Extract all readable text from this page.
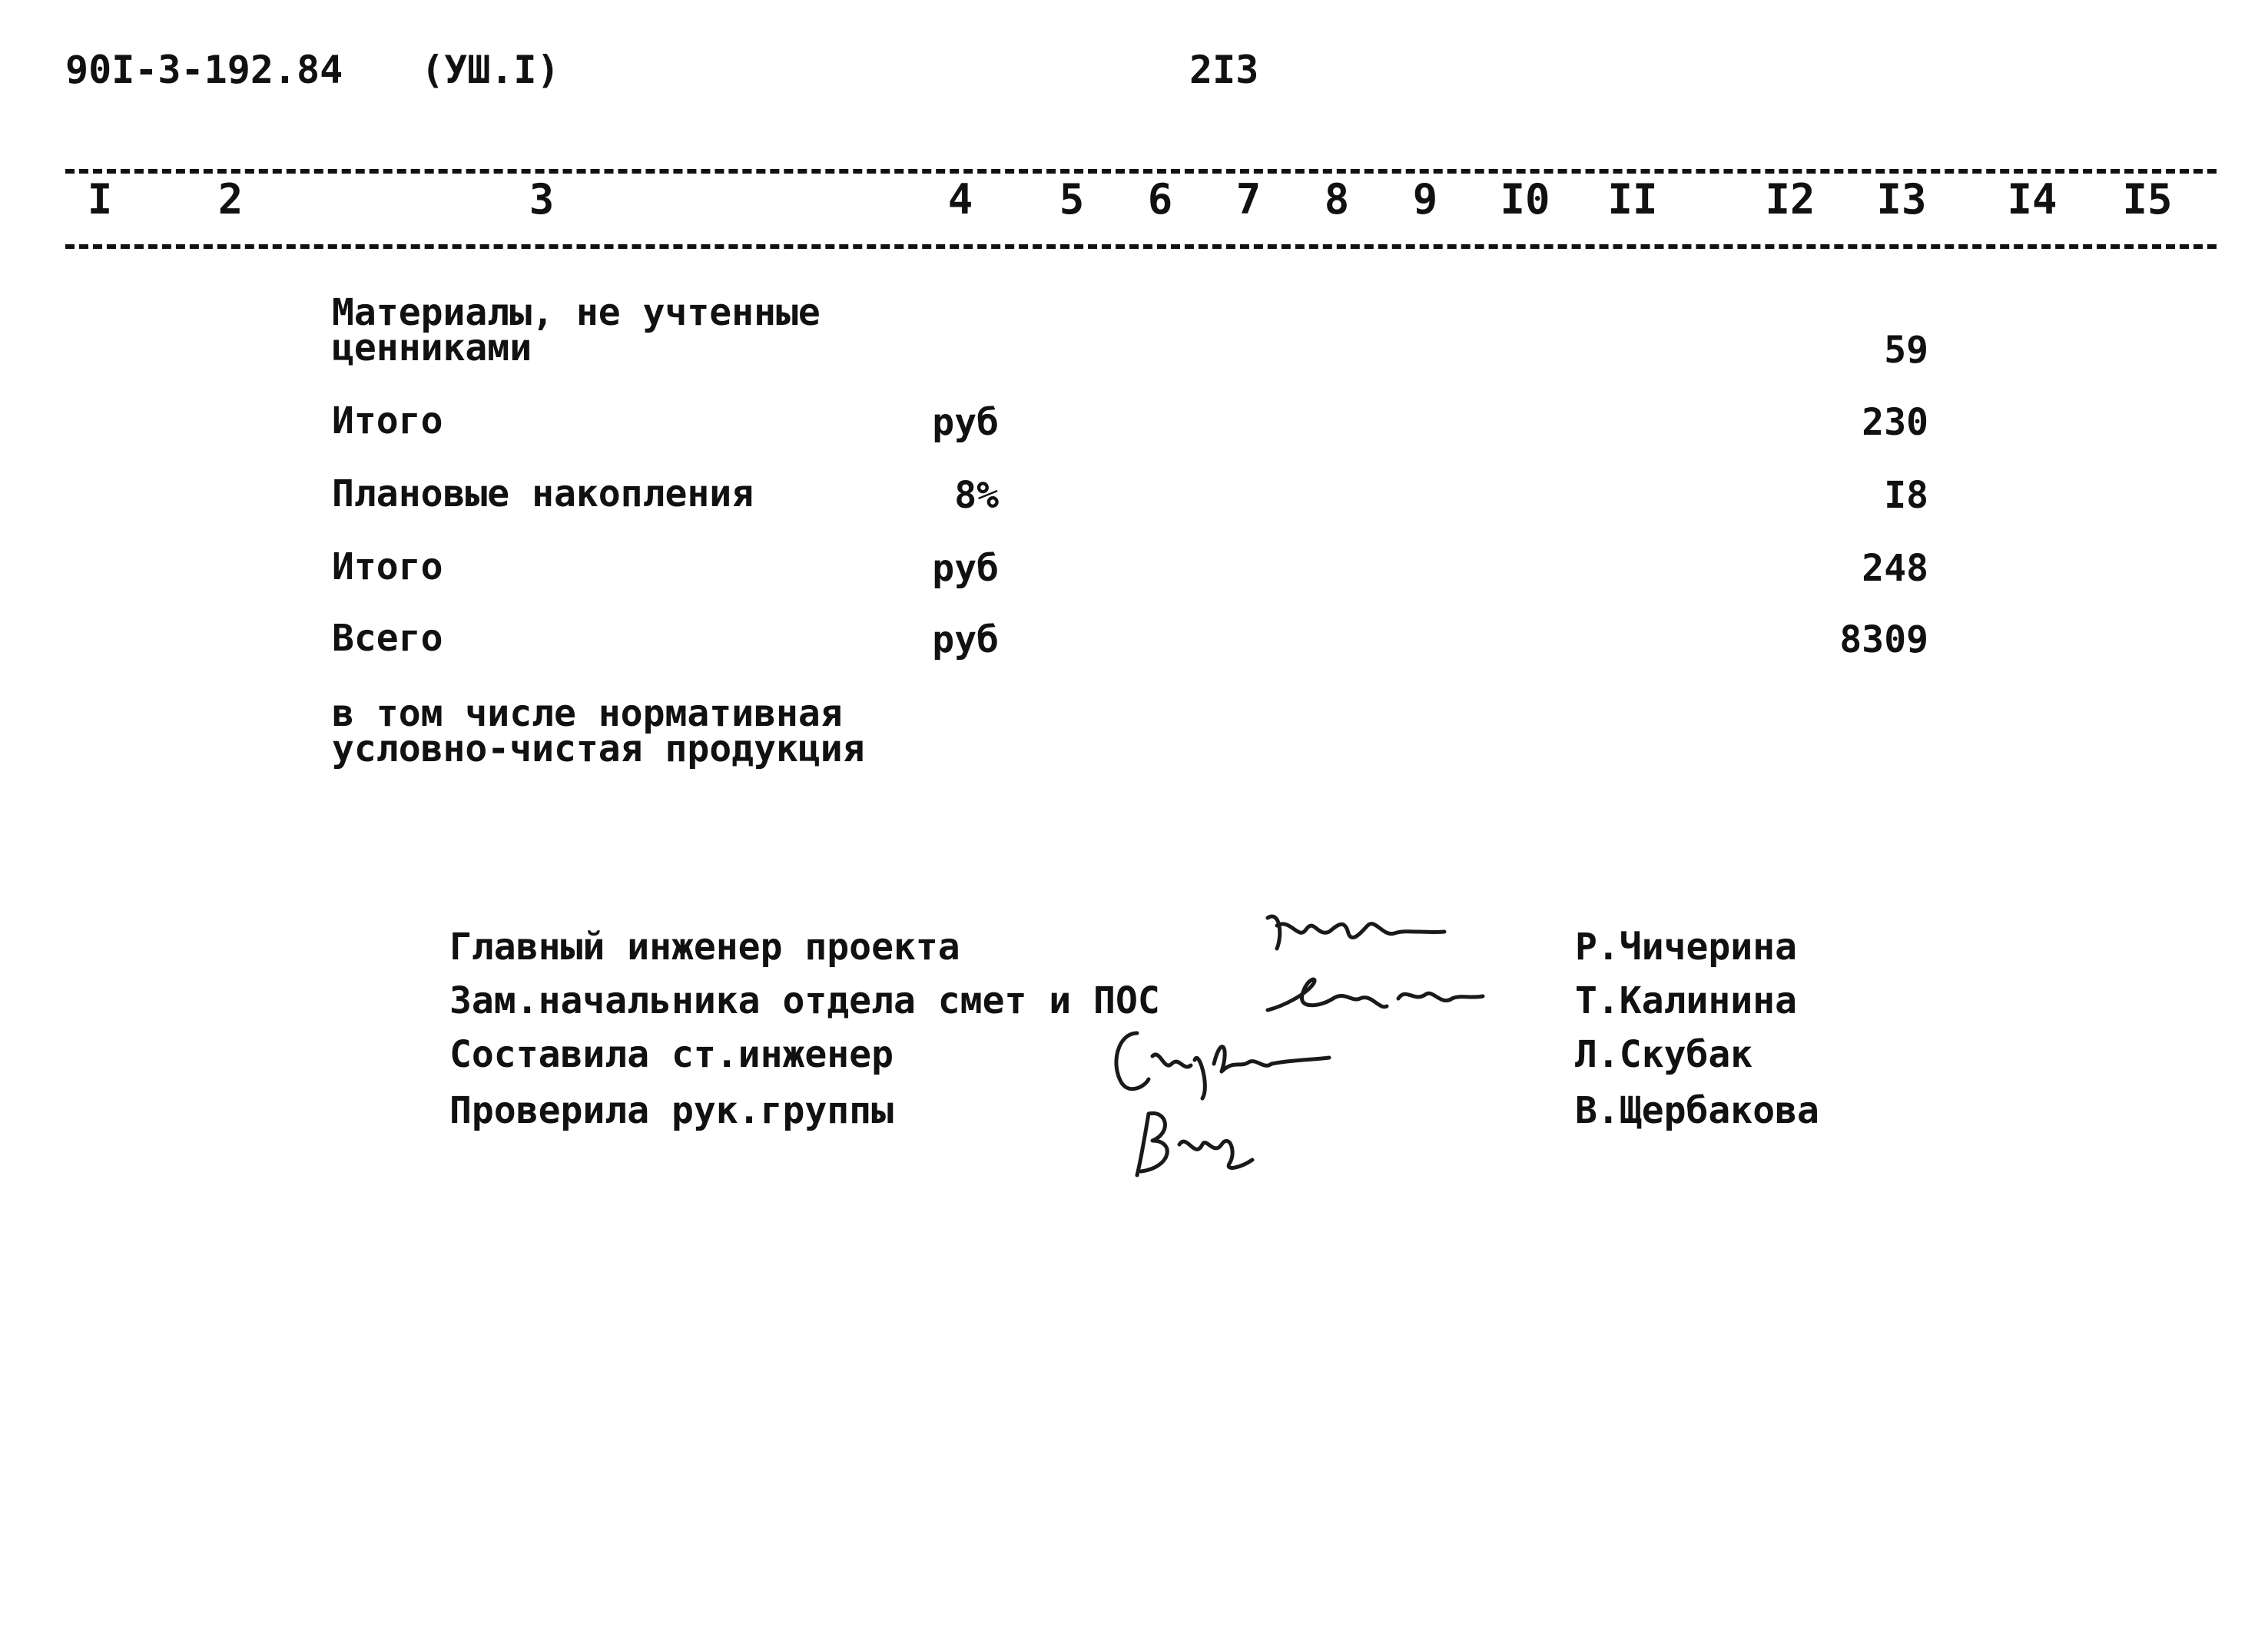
90I-3-192.84 (УШ.I)	2I3
I	2	3	4	5	6	7	8	9	I0 II	I2 I3 I4 I5
Материалы, не учтенные
ценниками	59
Итого	руб	230
Плановые накопления	8%	I8
Итого	руб	248
Всего	руб	8309
в том числе нормативная
условно-чистая продукция
Главный инженер проекта	Р.Чичерина
Зам.начальника отдела смет и ПОС	Т.Калинина
Составила ст.инженер	Л.Скубак
Проверила рук.группы	В.Щербакова
